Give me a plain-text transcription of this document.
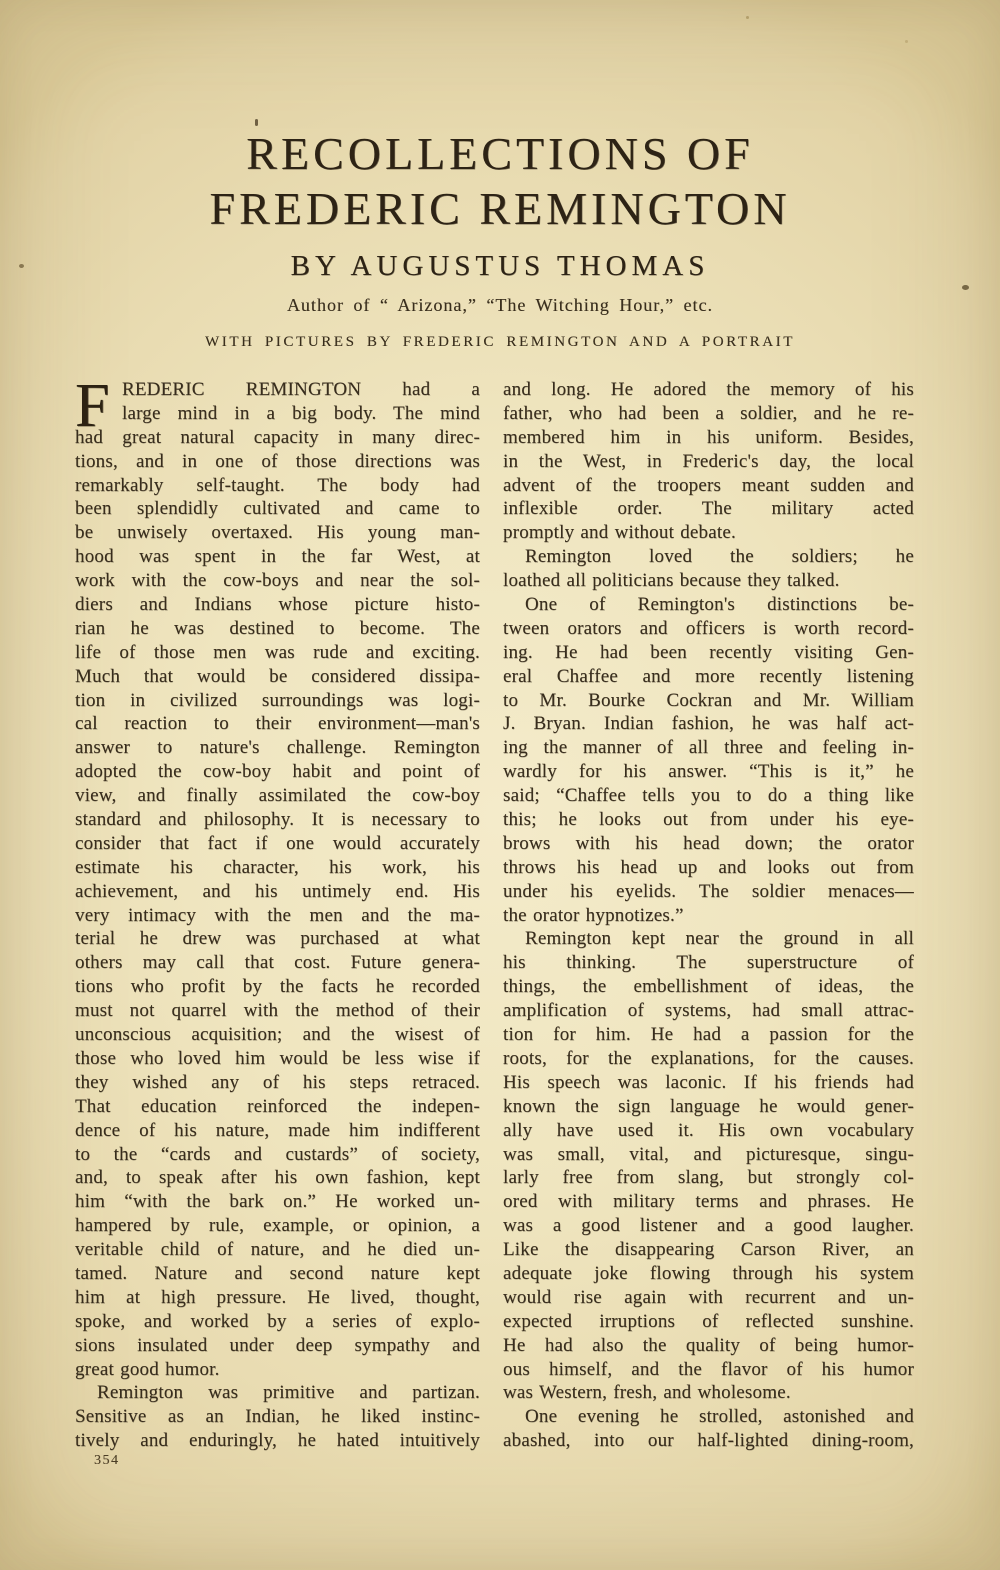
RECOLLECTIONS OF
FREDERIC REMINGTON
BY AUGUSTUS THOMAS
Author of “ Arizona,” “The Witching Hour,” etc.
WITH PICTURES BY FREDERIC REMINGTON AND A PORTRAIT
F REDERIC REMINGTON had a
large mind in a big body. The mind
had great natural capacity in many direc-
tions, and in one of those directions was
remarkably self-taught. The body had
been splendidly cultivated and came to
be unwisely overtaxed. His young man-
hood was spent in the far West, at
work with the cow-boys and near the sol-
diers and Indians whose picture histo-
rian he was destined to become. The
life of those men was rude and exciting.
Much that would be considered dissipa-
tion in civilized surroundings was logi-
cal reaction to their environment—man's
answer to nature's challenge. Remington
adopted the cow-boy habit and point of
view, and finally assimilated the cow-boy
standard and philosophy. It is necessary to
consider that fact if one would accurately
estimate his character, his work, his
achievement, and his untimely end. His
very intimacy with the men and the ma-
terial he drew was purchased at what
others may call that cost. Future genera-
tions who profit by the facts he recorded
must not quarrel with the method of their
unconscious acquisition; and the wisest of
those who loved him would be less wise if
they wished any of his steps retraced.
That education reinforced the indepen-
dence of his nature, made him indifferent
to the “cards and custards” of society,
and, to speak after his own fashion, kept
him “with the bark on.” He worked un-
hampered by rule, example, or opinion, a
veritable child of nature, and he died un-
tamed. Nature and second nature kept
him at high pressure. He lived, thought,
spoke, and worked by a series of explo-
sions insulated under deep sympathy and
great good humor.
Remington was primitive and partizan.
Sensitive as an Indian, he liked instinc-
tively and enduringly, he hated intuitively
and long. He adored the memory of his
father, who had been a soldier, and he re-
membered him in his uniform. Besides,
in the West, in Frederic's day, the local
advent of the troopers meant sudden and
inflexible order. The military acted
promptly and without debate.
Remington loved the soldiers; he
loathed all politicians because they talked.
One of Remington's distinctions be-
tween orators and officers is worth record-
ing. He had been recently visiting Gen-
eral Chaffee and more recently listening
to Mr. Bourke Cockran and Mr. William
J. Bryan. Indian fashion, he was half act-
ing the manner of all three and feeling in-
wardly for his answer. “This is it,” he
said; “Chaffee tells you to do a thing like
this; he looks out from under his eye-
brows with his head down; the orator
throws his head up and looks out from
under his eyelids. The soldier menaces—
the orator hypnotizes.”
Remington kept near the ground in all
his thinking. The superstructure of
things, the embellishment of ideas, the
amplification of systems, had small attrac-
tion for him. He had a passion for the
roots, for the explanations, for the causes.
His speech was laconic. If his friends had
known the sign language he would gener-
ally have used it. His own vocabulary
was small, vital, and picturesque, singu-
larly free from slang, but strongly col-
ored with military terms and phrases. He
was a good listener and a good laugher.
Like the disappearing Carson River, an
adequate joke flowing through his system
would rise again with recurrent and un-
expected irruptions of reflected sunshine.
He had also the quality of being humor-
ous himself, and the flavor of his humor
was Western, fresh, and wholesome.
One evening he strolled, astonished and
abashed, into our half-lighted dining-room,
354
